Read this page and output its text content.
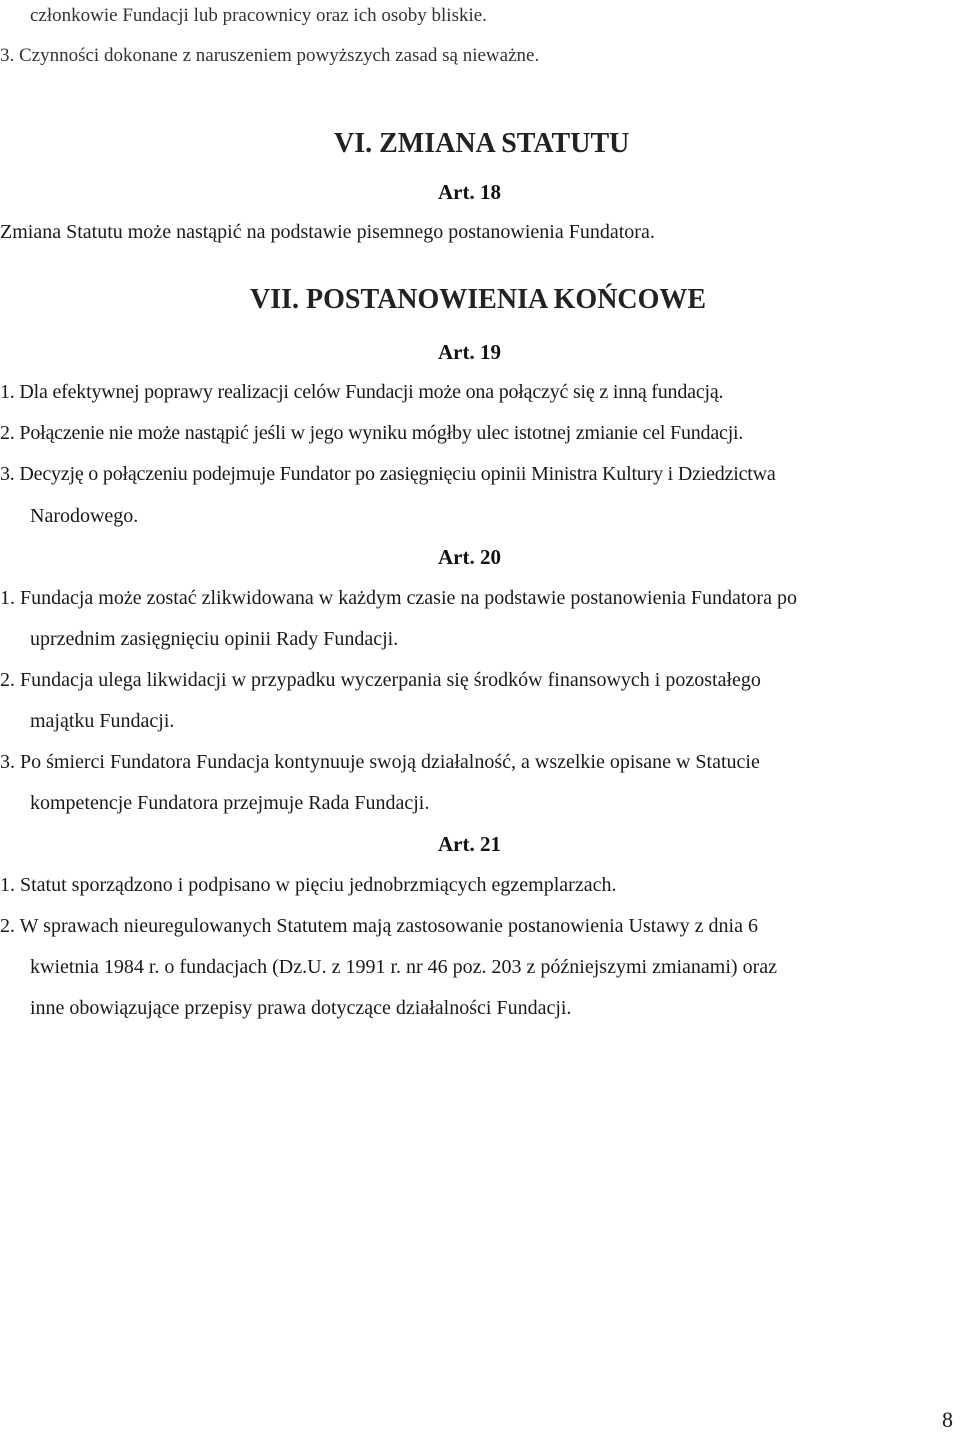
członkowie Fundacji lub pracownicy oraz ich osoby bliskie.

3. Czynności dokonane z naruszeniem powyższych zasad są nieważne.

VI. ZMIANA STATUTU
Art. 18

Zmiana Statutu może nastąpić na podstawie pisemnego postanowienia Fundatora.

VII. POSTANOWIENIA KOŃCOWE
Art. 19

1. Dla efektywnej poprawy realizacji celów Fundacji może ona połączyć się z inną fundacją.

2. Połączenie nie może nastąpić jeśli w jego wyniku mógłby ulec istotnej zmianie cel Fundacji.

3. Decyzję o połączeniu podejmuje Fundator po zasięgnięciu opinii Ministra Kultury i Dziedzictwa

Narodowego.

Art. 20

1. Fundacja może zostać zlikwidowana w każdym czasie na podstawie postanowienia Fundatora po

uprzednim zasięgnięciu opinii Rady Fundacji.

2. Fundacja ulega likwidacji w przypadku wyczerpania się środków finansowych i pozostałego

majątku Fundacji.

3. Po śmierci Fundatora Fundacja kontynuuje swoją działalność, a wszelkie opisane w Statucie

kompetencje Fundatora przejmuje Rada Fundacji.

Art. 21

1. Statut sporządzono i podpisano w pięciu jednobrzmiących egzemplarzach.

2. W sprawach nieuregulowanych Statutem mają zastosowanie postanowienia Ustawy z dnia 6

kwietnia 1984 r. o fundacjach (Dz.U. z 1991 r. nr 46 poz. 203 z późniejszymi zmianami) oraz

inne obowiązujące przepisy prawa dotyczące działalności Fundacji.

8
